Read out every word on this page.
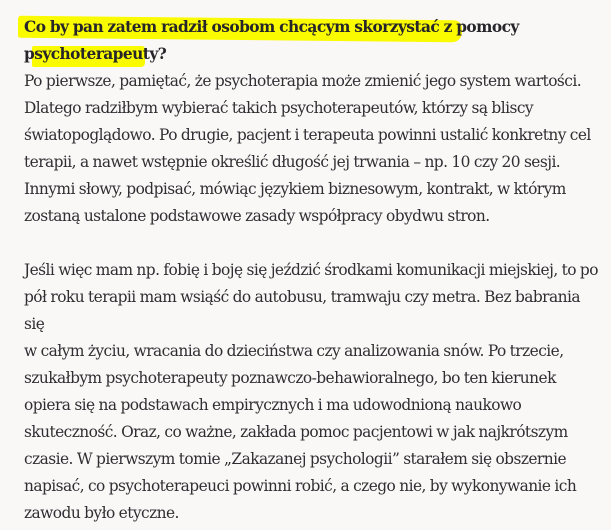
Co by pan zatem radził osobom chcącym skorzystać z pomocy
psychoterapeuty?
Po pierwsze, pamiętać, że psychoterapia może zmienić jego system wartości.
Dlatego radziłbym wybierać takich psychoterapeutów, którzy są bliscy
światopoglądowo. Po drugie, pacjent i terapeuta powinni ustalić konkretny cel
terapii, a nawet wstępnie określić długość jej trwania – np. 10 czy 20 sesji.
Innymi słowy, podpisać, mówiąc językiem biznesowym, kontrakt, w którym
zostaną ustalone podstawowe zasady współpracy obydwu stron.
Jeśli więc mam np. fobię i boję się jeździć środkami komunikacji miejskiej, to po
pół roku terapii mam wsiąść do autobusu, tramwaju czy metra. Bez babrania się
w całym życiu, wracania do dzieciństwa czy analizowania snów. Po trzecie,
szukałbym psychoterapeuty poznawczo-behawioralnego, bo ten kierunek
opiera się na podstawach empirycznych i ma udowodnioną naukowo
skuteczność. Oraz, co ważne, zakłada pomoc pacjentowi w jak najkrótszym
czasie. W pierwszym tomie „Zakazanej psychologii” starałem się obszernie
napisać, co psychoterapeuci powinni robić, a czego nie, by wykonywanie ich
zawodu było etyczne.
